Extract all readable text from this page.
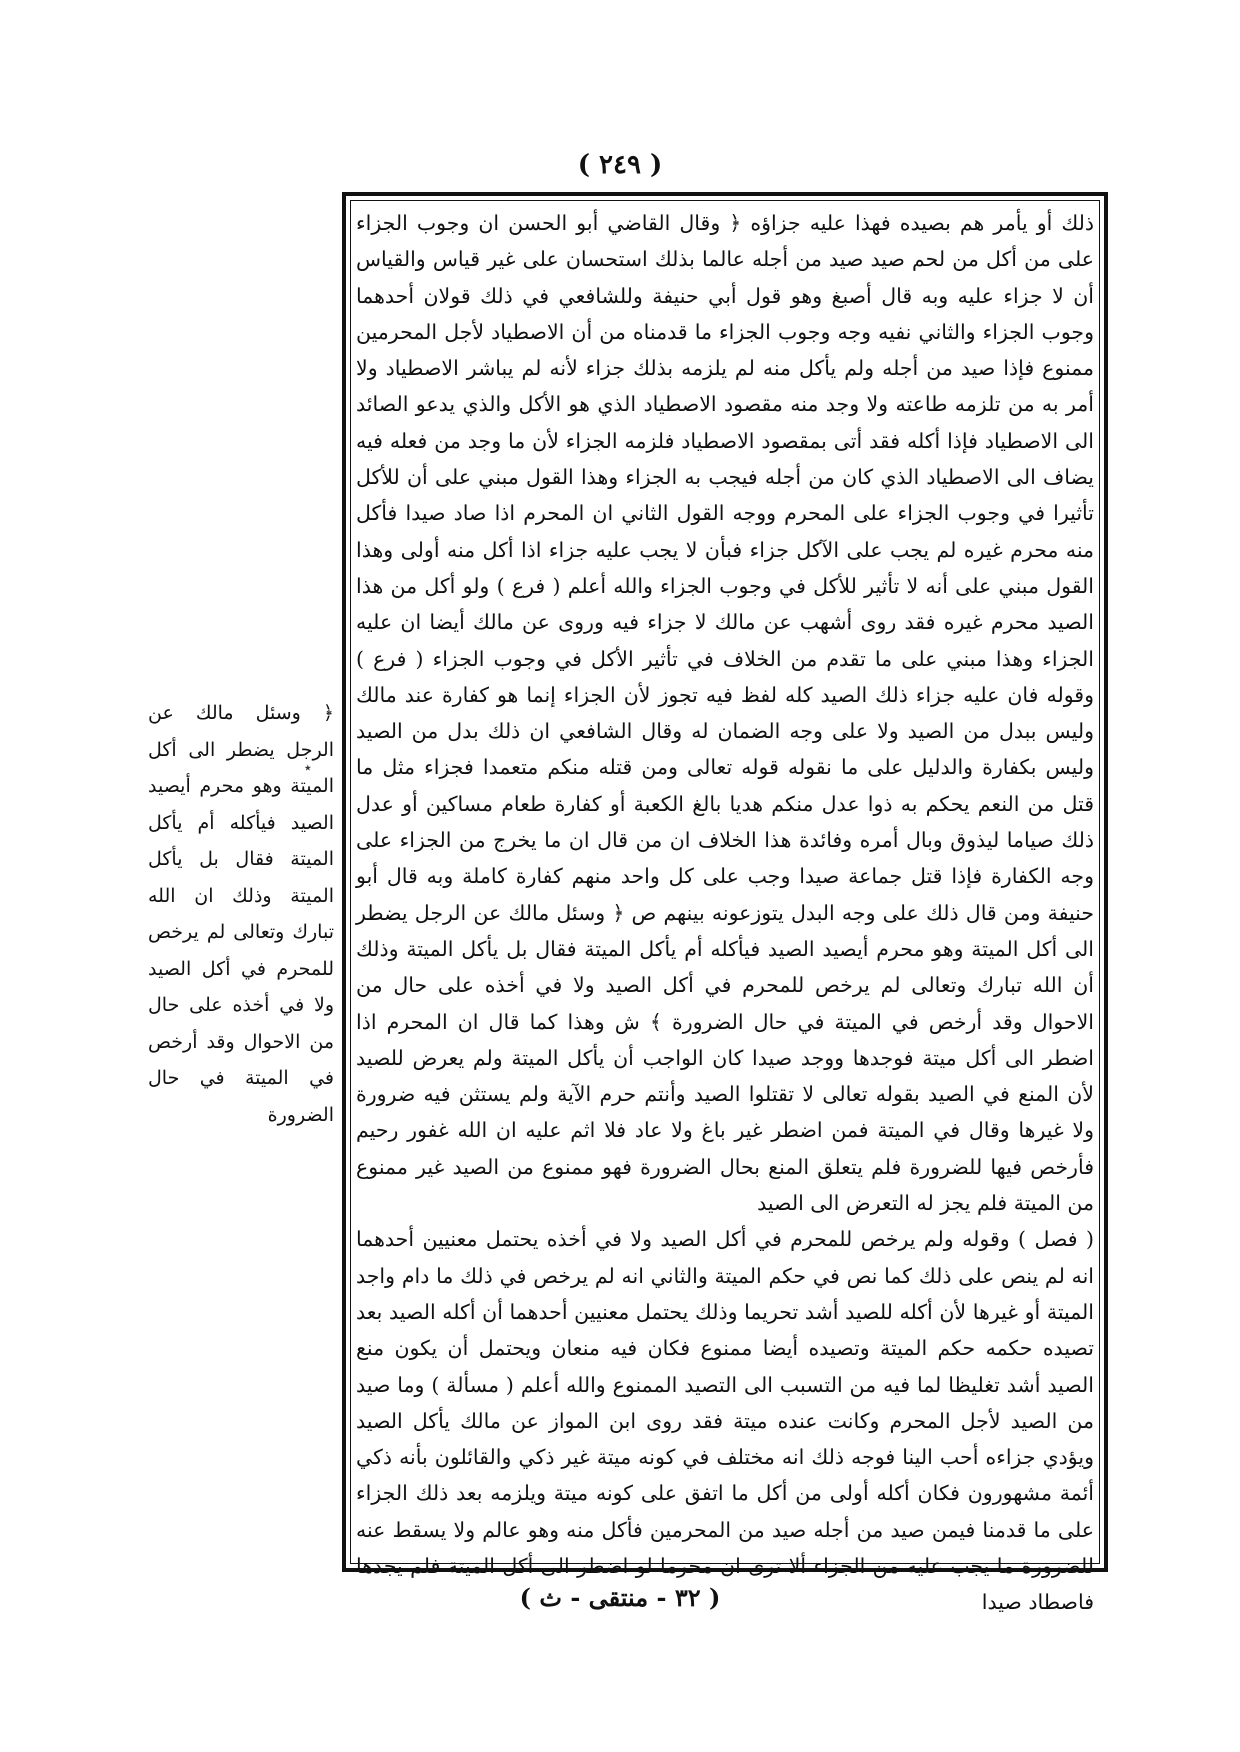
( ٢٤٩ )

ذلك أو يأمر هم بصيده فهذا عليه جزاؤه ﴿ وقال القاضي أبو الحسن ان وجوب الجزاء على من أكل من لحم صيد صيد من أجله عالما بذلك استحسان على غير قياس والقياس أن لا جزاء عليه وبه قال أصبغ وهو قول أبي حنيفة وللشافعي في ذلك قولان أحدهما وجوب الجزاء والثاني نفيه وجه وجوب الجزاء ما قدمناه من أن الاصطياد لأجل المحرمين ممنوع فإذا صيد من أجله ولم يأكل منه لم يلزمه بذلك جزاء لأنه لم يباشر الاصطياد ولا أمر به من تلزمه طاعته ولا وجد منه مقصود الاصطياد الذي هو الأكل والذي يدعو الصائد الى الاصطياد فإذا أكله فقد أتى بمقصود الاصطياد فلزمه الجزاء لأن ما وجد من فعله فيه يضاف الى الاصطياد الذي كان من أجله فيجب به الجزاء وهذا القول مبني على أن للأكل تأثيرا في وجوب الجزاء على المحرم ووجه القول الثاني ان المحرم اذا صاد صيدا فأكل منه محرم غيره لم يجب على الآكل جزاء فبأن لا يجب عليه جزاء اذا أكل منه أولى وهذا القول مبني على أنه لا تأثير للأكل في وجوب الجزاء والله أعلم ( فرع ) ولو أكل من هذا الصيد محرم غيره فقد روى أشهب عن مالك لا جزاء فيه وروى عن مالك أيضا ان عليه الجزاء وهذا مبني على ما تقدم من الخلاف في تأثير الأكل في وجوب الجزاء ( فرع ) وقوله فان عليه جزاء ذلك الصيد كله لفظ فيه تجوز لأن الجزاء إنما هو كفارة عند مالك وليس ببدل من الصيد ولا على وجه الضمان له وقال الشافعي ان ذلك بدل من الصيد وليس بكفارة والدليل على ما نقوله قوله تعالى ومن قتله منكم متعمدا فجزاء مثل ما قتل من النعم يحكم به ذوا عدل منكم هديا بالغ الكعبة أو كفارة طعام مساكين أو عدل ذلك صياما ليذوق وبال أمره وفائدة هذا الخلاف ان من قال ان ما يخرج من الجزاء على وجه الكفارة فإذا قتل جماعة صيدا وجب على كل واحد منهم كفارة كاملة وبه قال أبو حنيفة ومن قال ذلك على وجه البدل يتوزعونه بينهم ص ﴿ وسئل مالك عن الرجل يضطر الى أكل الميتة وهو محرم أيصيد الصيد فيأكله أم يأكل الميتة فقال بل يأكل الميتة وذلك أن الله تبارك وتعالى لم يرخص للمحرم في أكل الصيد ولا في أخذه على حال من الاحوال وقد أرخص في الميتة في حال الضرورة ﴾ ش وهذا كما قال ان المحرم اذا اضطر الى أكل ميتة فوجدها ووجد صيدا كان الواجب أن يأكل الميتة ولم يعرض للصيد لأن المنع في الصيد بقوله تعالى لا تقتلوا الصيد وأنتم حرم الآية ولم يستثن فيه ضرورة ولا غيرها وقال في الميتة فمن اضطر غير باغ ولا عاد فلا اثم عليه ان الله غفور رحيم فأرخص فيها للضرورة فلم يتعلق المنع بحال الضرورة فهو ممنوع من الصيد غير ممنوع من الميتة فلم يجز له التعرض الى الصيد

( فصل ) وقوله ولم يرخص للمحرم في أكل الصيد ولا في أخذه يحتمل معنيين أحدهما انه لم ينص على ذلك كما نص في حكم الميتة والثاني انه لم يرخص في ذلك ما دام واجد الميتة أو غيرها لأن أكله للصيد أشد تحريما وذلك يحتمل معنيين أحدهما أن أكله الصيد بعد تصيده حكمه حكم الميتة وتصيده أيضا ممنوع فكان فيه منعان ويحتمل أن يكون منع الصيد أشد تغليظا لما فيه من التسبب الى التصيد الممنوع والله أعلم ( مسألة ) وما صيد من الصيد لأجل المحرم وكانت عنده ميتة فقد روى ابن المواز عن مالك يأكل الصيد ويؤدي جزاءه أحب الينا فوجه ذلك انه مختلف في كونه ميتة غير ذكي والقائلون بأنه ذكي أئمة مشهورون فكان أكله أولى من أكل ما اتفق على كونه ميتة ويلزمه بعد ذلك الجزاء على ما قدمنا فيمن صيد من أجله صيد من المحرمين فأكل منه وهو عالم ولا يسقط عنه للضرورة ما يجب عليه من الجزاء ألا ترى ان محرما لو اضطر الى أكل الميتة فلم يجدها فاصطاد صيدا

٭
﴿ وسئل مالك عن الرجل يضطر الى أكل الميتة وهو محرم أيصيد الصيد فيأكله أم يأكل الميتة فقال بل يأكل الميتة وذلك ان الله تبارك وتعالى لم يرخص للمحرم في أكل الصيد ولا في أخذه على حال من الاحوال وقد أرخص في الميتة في حال الضرورة
( ٣٢ - منتقى - ث )
